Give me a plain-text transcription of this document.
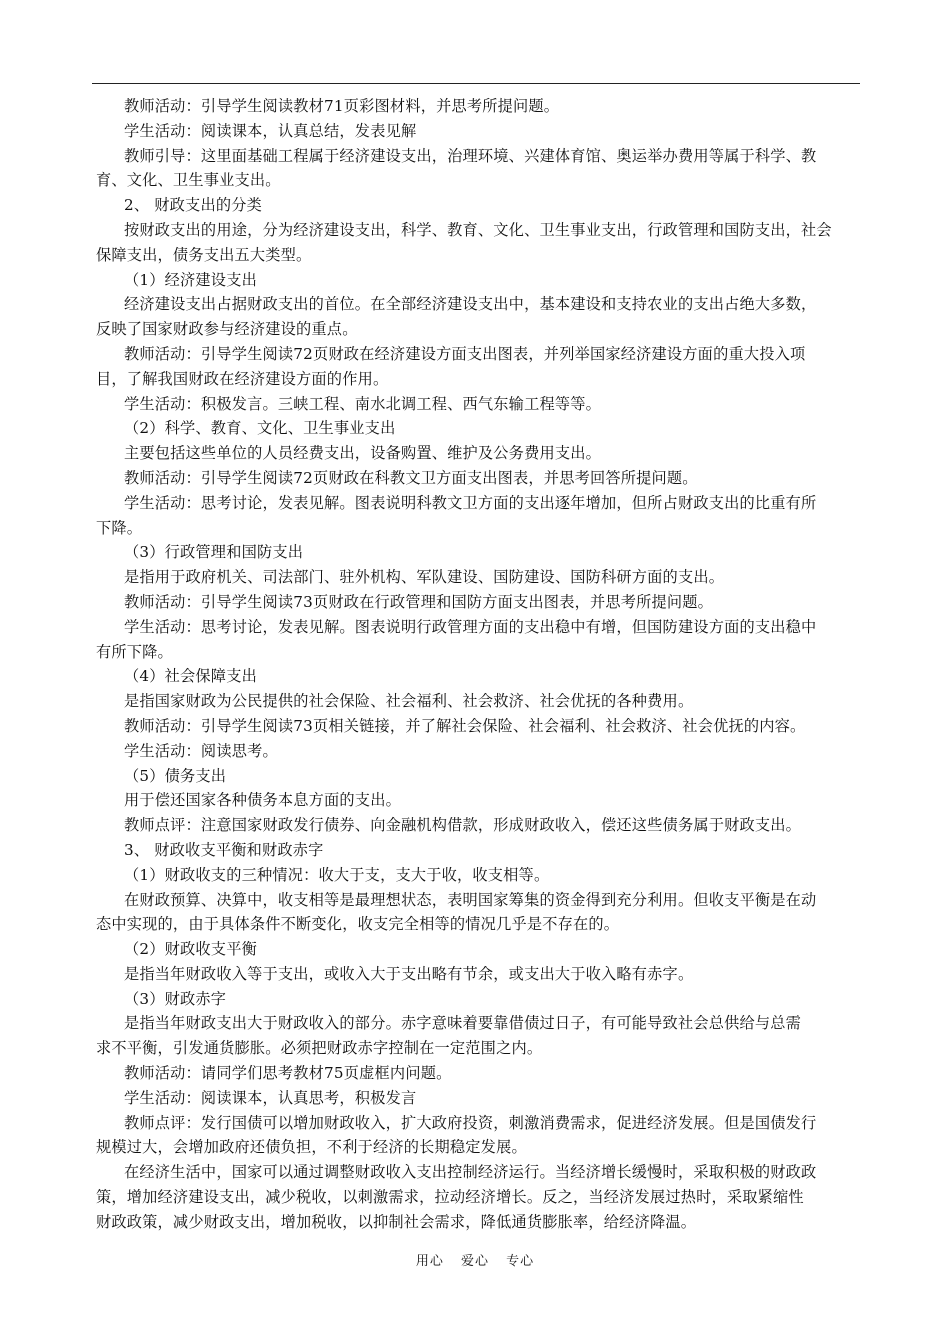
教师活动：引导学生阅读教材71页彩图材料，并思考所提问题。
学生活动：阅读课本，认真总结，发表见解
教师引导：这里面基础工程属于经济建设支出，治理环境、兴建体育馆、奥运举办费用等属于科学、教
育、文化、卫生事业支出。
2、 财政支出的分类
按财政支出的用途，分为经济建设支出，科学、教育、文化、卫生事业支出，行政管理和国防支出，社会
保障支出，债务支出五大类型。
（1）经济建设支出
经济建设支出占据财政支出的首位。在全部经济建设支出中，基本建设和支持农业的支出占绝大多数，
反映了国家财政参与经济建设的重点。
教师活动：引导学生阅读72页财政在经济建设方面支出图表，并列举国家经济建设方面的重大投入项
目，了解我国财政在经济建设方面的作用。
学生活动：积极发言。三峡工程、南水北调工程、西气东输工程等等。
（2）科学、教育、文化、卫生事业支出
主要包括这些单位的人员经费支出，设备购置、维护及公务费用支出。
教师活动：引导学生阅读72页财政在科教文卫方面支出图表，并思考回答所提问题。
学生活动：思考讨论，发表见解。图表说明科教文卫方面的支出逐年增加，但所占财政支出的比重有所
下降。
（3）行政管理和国防支出
是指用于政府机关、司法部门、驻外机构、军队建设、国防建设、国防科研方面的支出。
教师活动：引导学生阅读73页财政在行政管理和国防方面支出图表，并思考所提问题。
学生活动：思考讨论，发表见解。图表说明行政管理方面的支出稳中有增，但国防建设方面的支出稳中
有所下降。
（4）社会保障支出
是指国家财政为公民提供的社会保险、社会福利、社会救济、社会优抚的各种费用。
教师活动：引导学生阅读73页相关链接，并了解社会保险、社会福利、社会救济、社会优抚的内容。
学生活动：阅读思考。
（5）债务支出
用于偿还国家各种债务本息方面的支出。
教师点评：注意国家财政发行债券、向金融机构借款，形成财政收入，偿还这些债务属于财政支出。
3、 财政收支平衡和财政赤字
（1）财政收支的三种情况：收大于支，支大于收，收支相等。
在财政预算、决算中，收支相等是最理想状态，表明国家筹集的资金得到充分利用。但收支平衡是在动
态中实现的，由于具体条件不断变化，收支完全相等的情况几乎是不存在的。
（2）财政收支平衡
是指当年财政收入等于支出，或收入大于支出略有节余，或支出大于收入略有赤字。
（3）财政赤字
是指当年财政支出大于财政收入的部分。赤字意味着要靠借债过日子，有可能导致社会总供给与总需
求不平衡，引发通货膨胀。必须把财政赤字控制在一定范围之内。
教师活动：请同学们思考教材75页虚框内问题。
学生活动：阅读课本，认真思考，积极发言
教师点评：发行国债可以增加财政收入，扩大政府投资，刺激消费需求，促进经济发展。但是国债发行
规模过大，会增加政府还债负担，不利于经济的长期稳定发展。
在经济生活中，国家可以通过调整财政收入支出控制经济运行。当经济增长缓慢时，采取积极的财政政
策，增加经济建设支出，减少税收，以刺激需求，拉动经济增长。反之，当经济发展过热时，采取紧缩性
财政政策，减少财政支出，增加税收，以抑制社会需求，降低通货膨胀率，给经济降温。
用心 爱心 专心
